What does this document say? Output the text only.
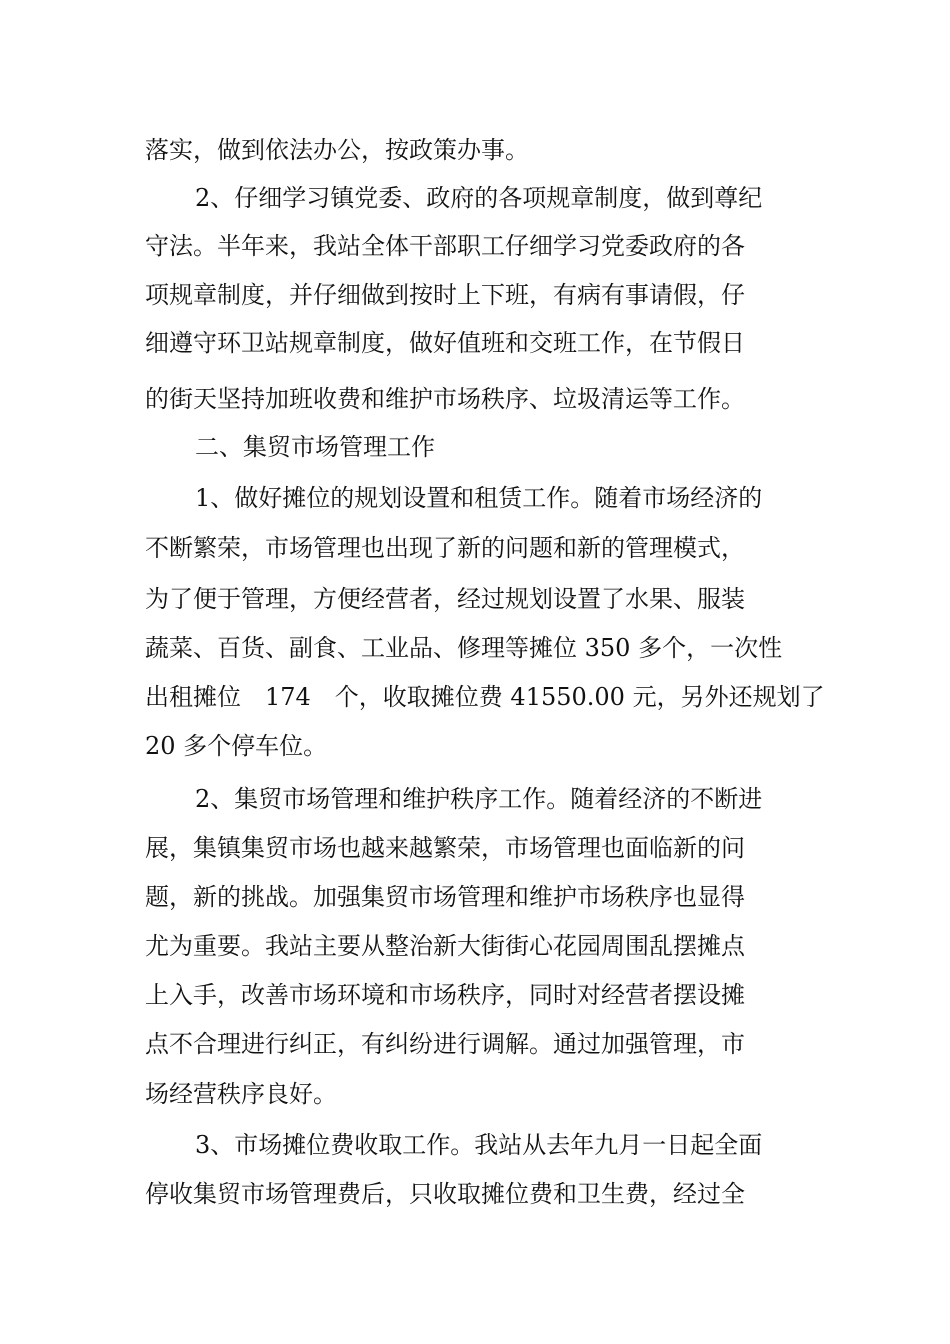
落实，做到依法办公，按政策办事。
2、仔细学习镇党委、政府的各项规章制度，做到尊纪
守法。半年来，我站全体干部职工仔细学习党委政府的各
项规章制度，并仔细做到按时上下班，有病有事请假，仔
细遵守环卫站规章制度，做好值班和交班工作，在节假日
的街天坚持加班收费和维护市场秩序、垃圾清运等工作。
二、集贸市场管理工作
1、做好摊位的规划设置和租赁工作。随着市场经济的
不断繁荣，市场管理也出现了新的问题和新的管理模式，
为了便于管理，方便经营者，经过规划设置了水果、服装
蔬菜、百货、副食、工业品、修理等摊位 350 多个，一次性
出租摊位　174　个，收取摊位费 41550.00 元，另外还规划了
20 多个停车位。
2、集贸市场管理和维护秩序工作。随着经济的不断进
展，集镇集贸市场也越来越繁荣，市场管理也面临新的问
题，新的挑战。加强集贸市场管理和维护市场秩序也显得
尤为重要。我站主要从整治新大街街心花园周围乱摆摊点
上入手，改善市场环境和市场秩序，同时对经营者摆设摊
点不合理进行纠正，有纠纷进行调解。通过加强管理，市
场经营秩序良好。
3、市场摊位费收取工作。我站从去年九月一日起全面
停收集贸市场管理费后，只收取摊位费和卫生费，经过全
